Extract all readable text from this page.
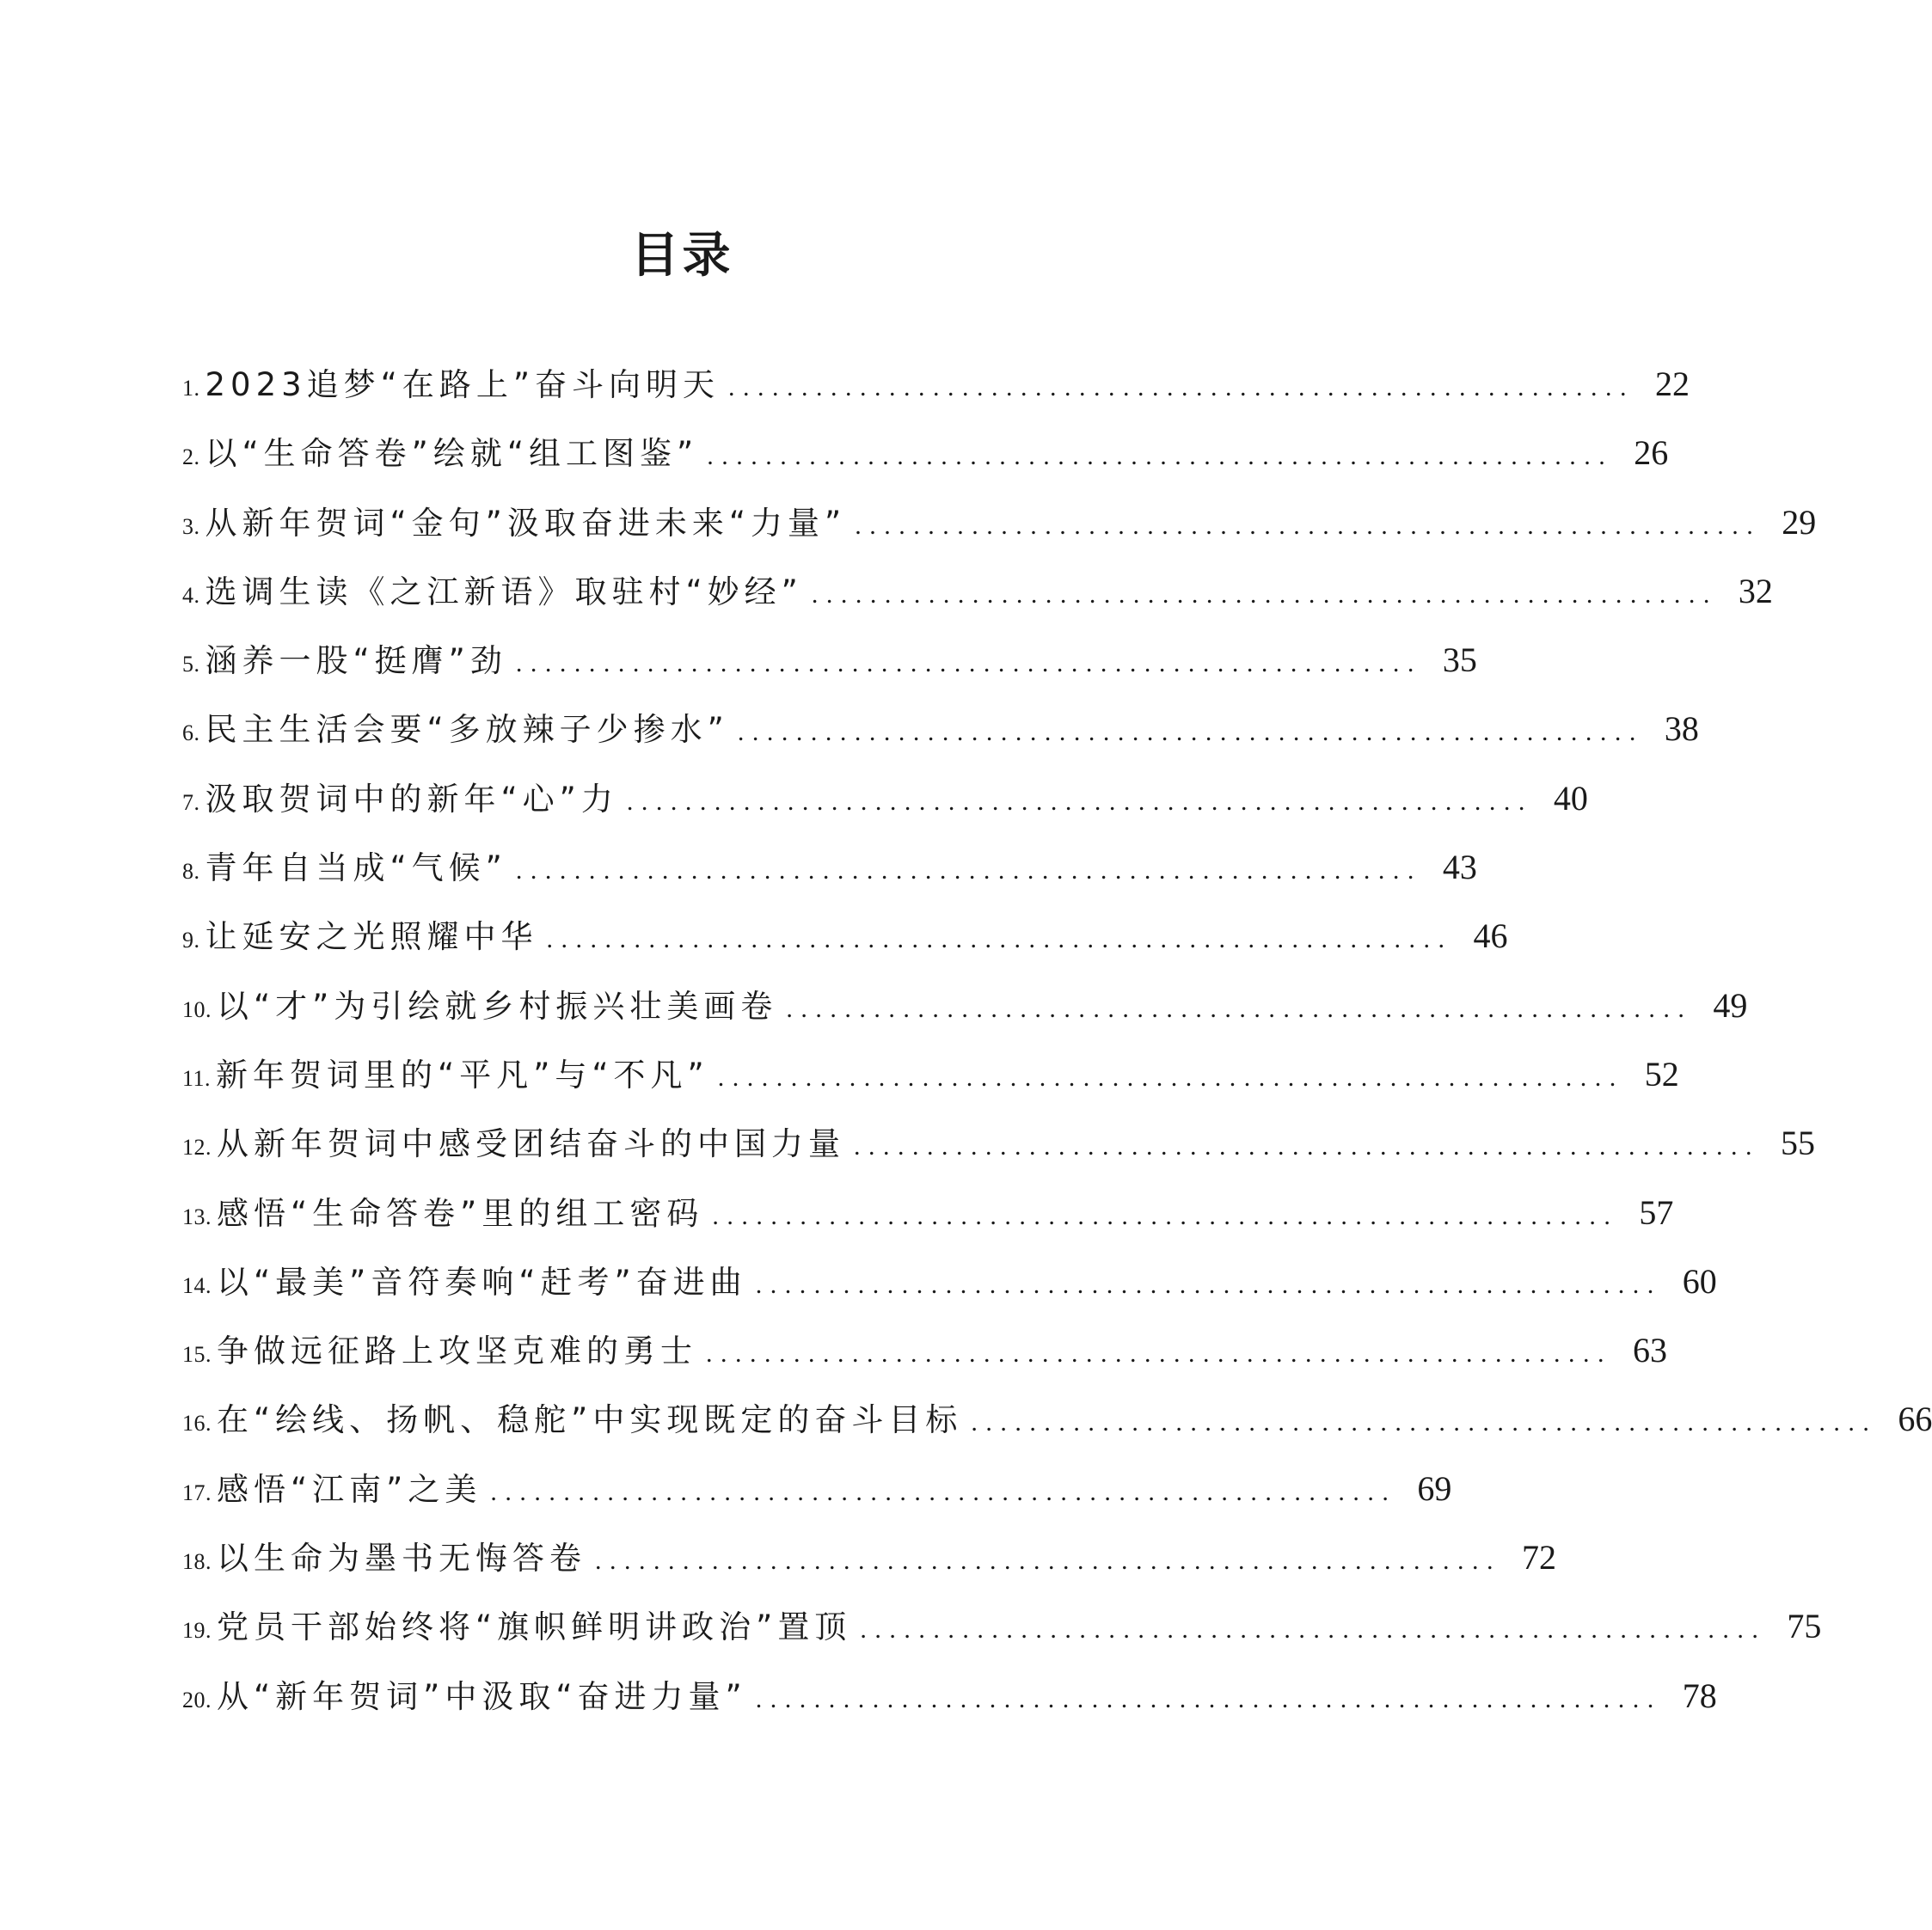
目录
1. 2023追梦“在路上”奋斗向明天 .............................................................. 22
2. 以“生命答卷”绘就“组工图鉴” .............................................................. 26
3. 从新年贺词“金句”汲取奋进未来“力量” .............................................................. 29
4. 选调生读《之江新语》取驻村“妙经” .............................................................. 32
5. 涵养一股“挺膺”劲 .............................................................. 35
6. 民主生活会要“多放辣子少掺水” .............................................................. 38
7. 汲取贺词中的新年“心”力 .............................................................. 40
8. 青年自当成“气候” .............................................................. 43
9. 让延安之光照耀中华 .............................................................. 46
10. 以“才”为引绘就乡村振兴壮美画卷 .............................................................. 49
11. 新年贺词里的“平凡”与“不凡” .............................................................. 52
12. 从新年贺词中感受团结奋斗的中国力量 .............................................................. 55
13. 感悟“生命答卷”里的组工密码 .............................................................. 57
14. 以“最美”音符奏响“赶考”奋进曲 .............................................................. 60
15. 争做远征路上攻坚克难的勇士 .............................................................. 63
16. 在“绘线、扬帆、稳舵”中实现既定的奋斗目标 .............................................................. 66
17. 感悟“江南”之美 .............................................................. 69
18. 以生命为墨书无悔答卷 .............................................................. 72
19. 党员干部始终将“旗帜鲜明讲政治”置顶 .............................................................. 75
20. 从“新年贺词”中汲取“奋进力量” .............................................................. 78
